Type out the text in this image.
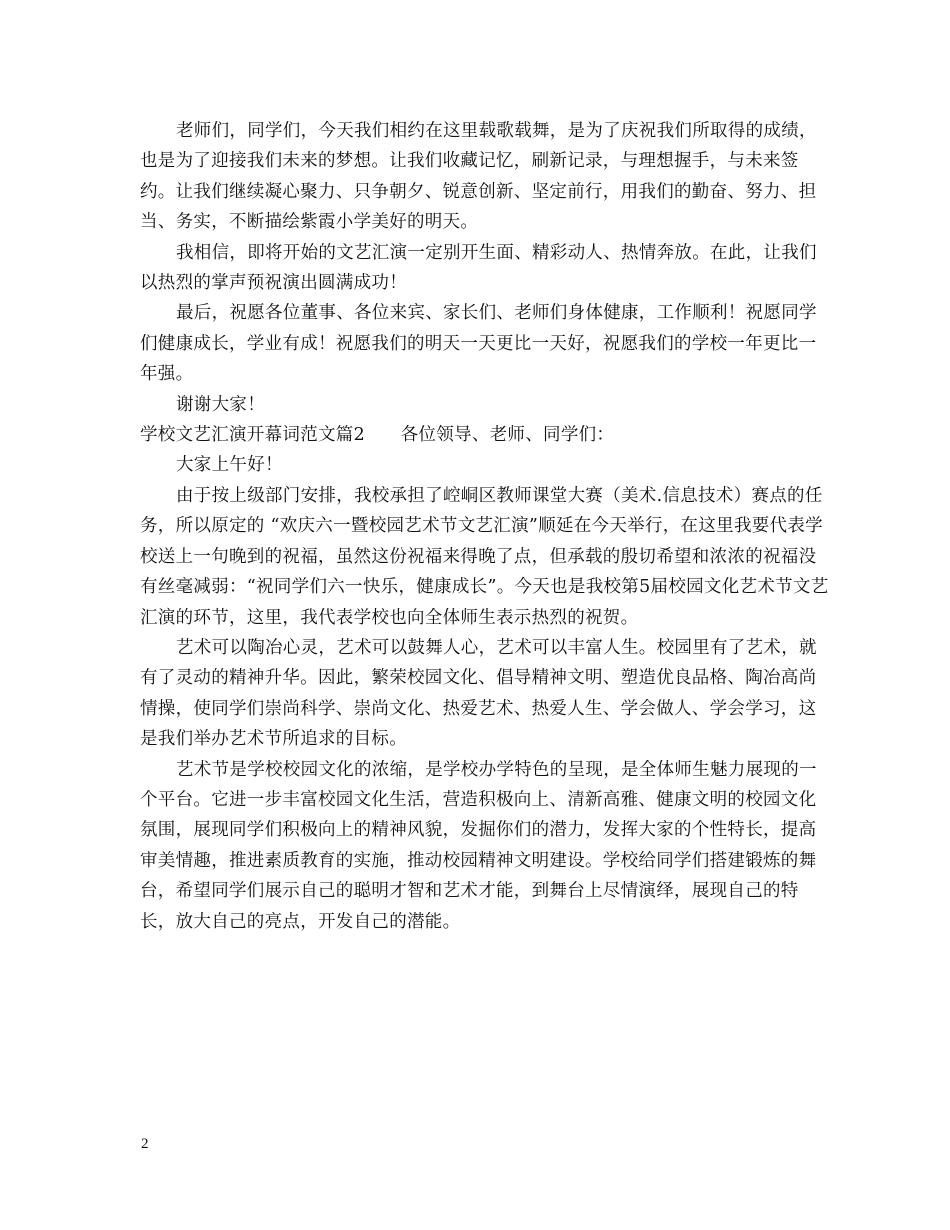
老师们，同学们，今天我们相约在这里载歌载舞，是为了庆祝我们所取得的成绩，也是为了迎接我们未来的梦想。让我们收藏记忆，刷新记录，与理想握手，与未来签约。让我们继续凝心聚力、只争朝夕、锐意创新、坚定前行，用我们的勤奋、努力、担当、务实，不断描绘紫霞小学美好的明天。

我相信，即将开始的文艺汇演一定别开生面、精彩动人、热情奔放。在此，让我们以热烈的掌声预祝演出圆满成功！

最后，祝愿各位董事、各位来宾、家长们、老师们身体健康，工作顺利！祝愿同学们健康成长，学业有成！祝愿我们的明天一天更比一天好，祝愿我们的学校一年更比一年强。

谢谢大家！

学校文艺汇演开幕词范文篇2　　各位领导、老师、同学们：

大家上午好！

由于按上级部门安排，我校承担了崆峒区教师课堂大赛（美术.信息技术）赛点的任务，所以原定的 “欢庆六一暨校园艺术节文艺汇演”顺延在今天举行，在这里我要代表学校送上一句晚到的祝福，虽然这份祝福来得晚了点，但承载的殷切希望和浓浓的祝福没有丝毫减弱：“祝同学们六一快乐，健康成长”。今天也是我校第5届校园文化艺术节文艺汇演的环节，这里，我代表学校也向全体师生表示热烈的祝贺。

艺术可以陶冶心灵，艺术可以鼓舞人心，艺术可以丰富人生。校园里有了艺术，就有了灵动的精神升华。因此，繁荣校园文化、倡导精神文明、塑造优良品格、陶冶高尚情操，使同学们崇尚科学、崇尚文化、热爱艺术、热爱人生、学会做人、学会学习，这是我们举办艺术节所追求的目标。

艺术节是学校校园文化的浓缩，是学校办学特色的呈现，是全体师生魅力展现的一个平台。它进一步丰富校园文化生活，营造积极向上、清新高雅、健康文明的校园文化氛围，展现同学们积极向上的精神风貌，发掘你们的潜力，发挥大家的个性特长，提高审美情趣，推进素质教育的实施，推动校园精神文明建设。学校给同学们搭建锻炼的舞台，希望同学们展示自己的聪明才智和艺术才能，到舞台上尽情演绎，展现自己的特长，放大自己的亮点，开发自己的潜能。

2
